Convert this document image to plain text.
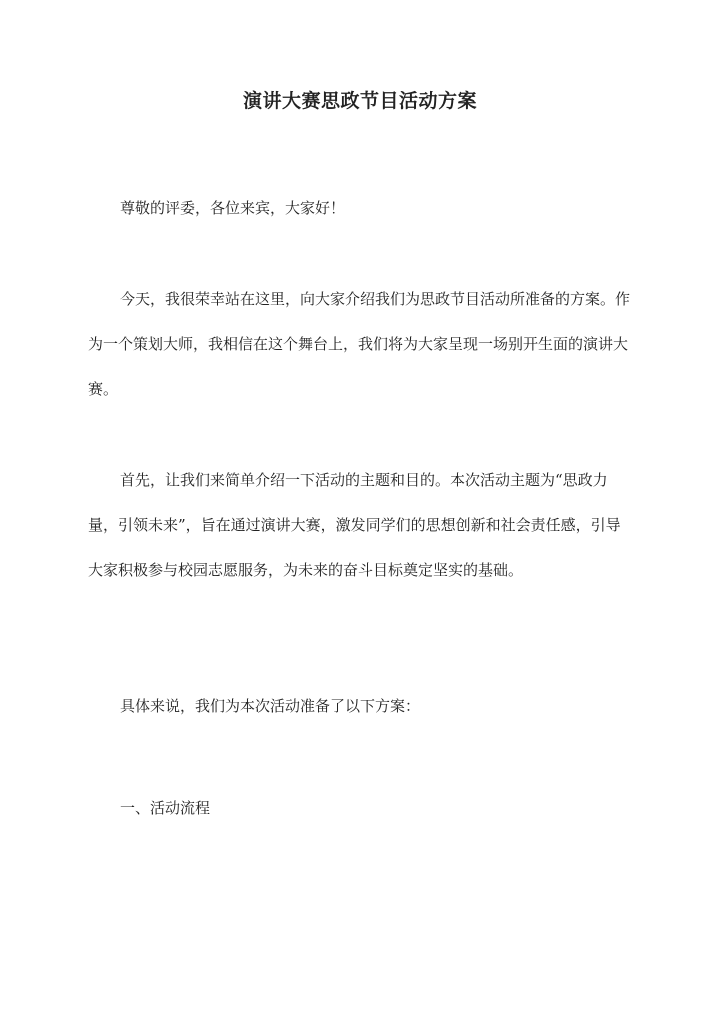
演讲大赛思政节目活动方案

尊敬的评委，各位来宾，大家好！

今天，我很荣幸站在这里，向大家介绍我们为思政节目活动所准备的方案。作为一个策划大师，我相信在这个舞台上，我们将为大家呈现一场别开生面的演讲大赛。

首先，让我们来简单介绍一下活动的主题和目的。本次活动主题为“思政力量，引领未来”，旨在通过演讲大赛，激发同学们的思想创新和社会责任感，引导大家积极参与校园志愿服务，为未来的奋斗目标奠定坚实的基础。

具体来说，我们为本次活动准备了以下方案：

一、活动流程
